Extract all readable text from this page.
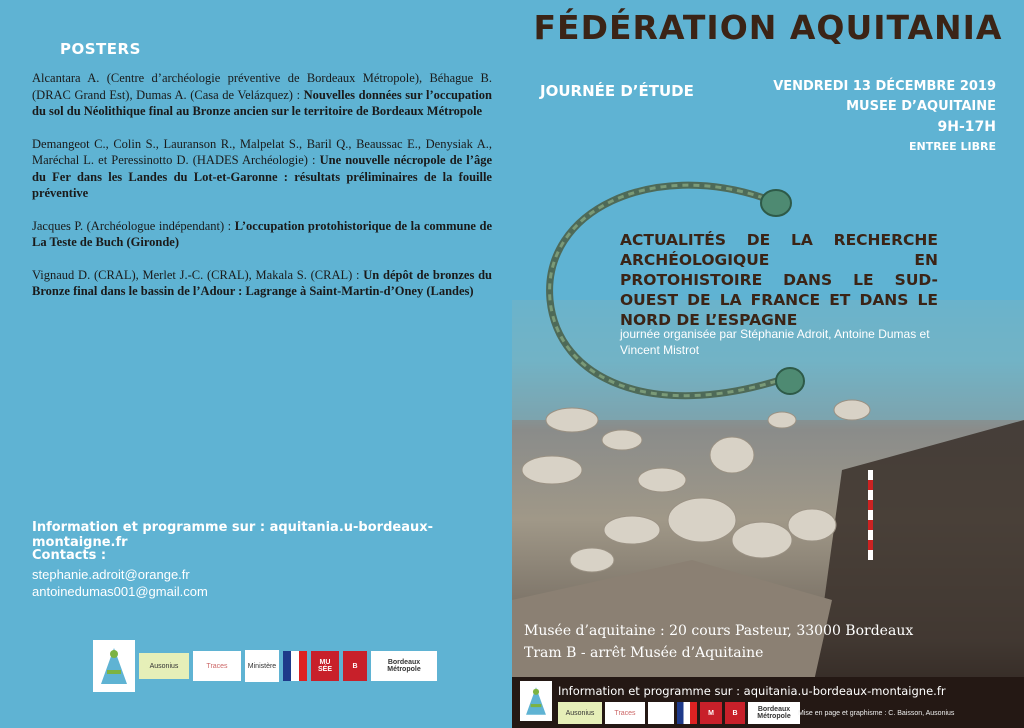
POSTERS

Alcantara A. (Centre d’archéologie préventive de Bordeaux Métropole), Béhague B. (DRAC Grand Est), Dumas A. (Casa de Velázquez) : Nouvelles données sur l’occupation du sol du Néolithique final au Bronze ancien sur le territoire de Bordeaux Métropole

Demangeot C., Colin S., Lauranson R., Malpelat S., Baril Q., Beaussac E., Denysiak A., Maréchal L. et Peressinotto D. (HADES Archéologie) : Une nouvelle nécropole de l’âge du Fer dans les Landes du Lot-et-Garonne : résultats préliminaires de la fouille préventive

Jacques P. (Archéologue indépendant) : L’occupation protohistorique de la commune de La Teste de Buch (Gironde)

Vignaud D. (CRAL), Merlet J.-C. (CRAL), Makala S. (CRAL) : Un dépôt de bronzes du Bronze final dans le bassin de l’Adour : Lagrange à Saint-Martin-d’Oney (Landes)

Information et programme sur : aquitania.u-bordeaux-montaigne.fr
Contacts :
stephanie.adroit@orange.fr
antoinedumas001@gmail.com
Ausonius	Traces	Ministère	MU
SÉE	B	Bordeaux Métropole
FÉDÉRATION AQUITANIA
JOURNÉE D’ÉTUDE	VENDREDI 13 DÉCEMBRE 2019
MUSEE D’AQUITAINE
9H-17H
ENTREE LIBRE
ACTUALITÉS DE LA RECHERCHE ARCHÉOLOGIQUE EN PROTOHISTOIRE DANS LE SUD-OUEST DE LA FRANCE ET DANS LE NORD DE L’ESPAGNE
journée organisée par Stéphanie Adroit, Antoine Dumas et Vincent Mistrot
Musée d’aquitaine : 20 cours Pasteur, 33000 Bordeaux
Tram B - arrêt Musée d’Aquitaine
Information et programme sur : aquitania.u-bordeaux-montaigne.fr
Ausonius	Traces	M	B	Bordeaux Métropole	Mise en page et graphisme : C. Baisson, Ausonius
